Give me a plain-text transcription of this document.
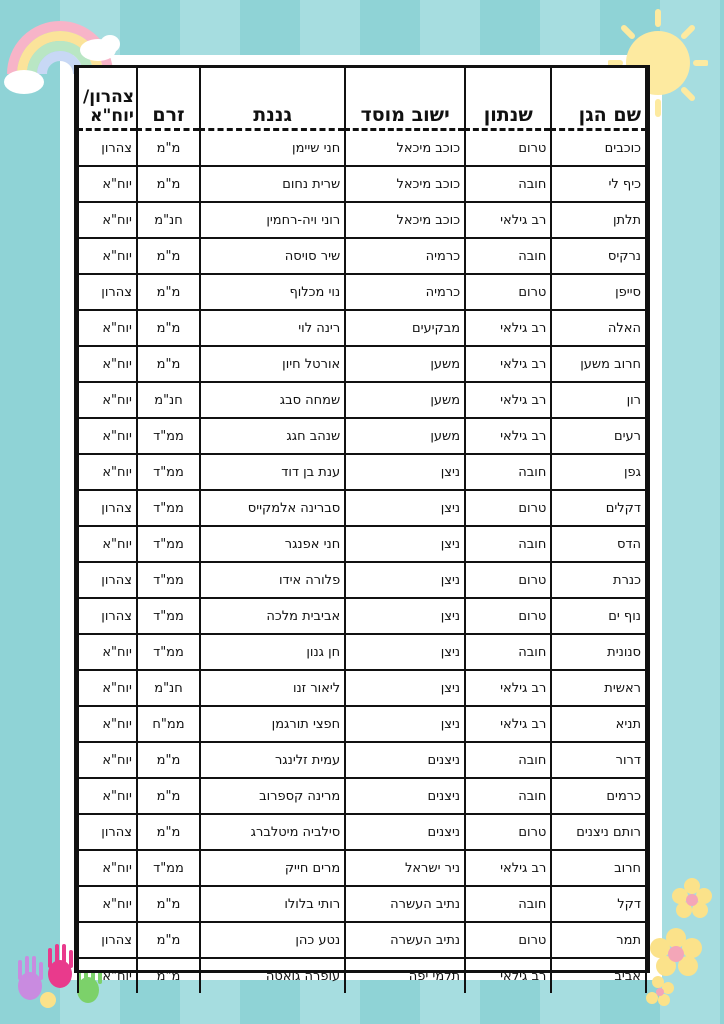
שם הגן	שנתון	ישוב מוסד	גננת	זרם	צהרון/
יוח"א
כוכבים	טרום	כוכב מיכאל	חני שיימן	מ"מ	צהרון
כיף לי	חובה	כוכב מיכאל	שרית נחום	מ"מ	יוח"א
תלתן	רב גילאי	כוכב מיכאל	רוני ויה-רחמין	חנ"מ	יוח"א
נרקיס	חובה	כרמיה	שיר סויסה	מ"מ	יוח"א
סייפן	טרום	כרמיה	נוי מכלוף	מ"מ	צהרון
האלה	רב גילאי	מבקיעים	רינה לוי	מ"מ	יוח"א
חרוב משען	רב גילאי	משען	אורטל חיון	מ"מ	יוח"א
רון	רב גילאי	משען	שמחה סבג	חנ"מ	יוח"א
רעים	רב גילאי	משען	שנהב חגג	ממ"ד	יוח"א
גפן	חובה	ניצן	ענת בן דוד	ממ"ד	יוח"א
דקלים	טרום	ניצן	סברינה אלמקייס	ממ"ד	צהרון
הדס	חובה	ניצן	חני אפנגר	ממ"ד	יוח"א
כנרת	טרום	ניצן	פלורה אידו	ממ"ד	צהרון
נוף ים	טרום	ניצן	אביבית מלכה	ממ"ד	צהרון
סנונית	חובה	ניצן	חן גנון	ממ"ד	יוח"א
ראשית	רב גילאי	ניצן	ליאור זנו	חנ"מ	יוח"א
תניא	רב גילאי	ניצן	חפצי תורגמן	ממ"ח	יוח"א
דרור	חובה	ניצנים	עמית זלינגר	מ"מ	יוח"א
כרמים	חובה	ניצנים	מרינה קספרוב	מ"מ	יוח"א
רותם ניצנים	טרום	ניצנים	סילביה מיטלברג	מ"מ	צהרון
חרוב	רב גילאי	ניר ישראל	מרים חייק	ממ"ד	יוח"א
דקל	חובה	נתיב העשרה	רותי בלולו	מ"מ	יוח"א
תמר	טרום	נתיב העשרה	נטע כהן	מ"מ	צהרון
אביב	רב גילאי	תלמי יפה	עופרה גואטה	מ"מ	יוח"א
